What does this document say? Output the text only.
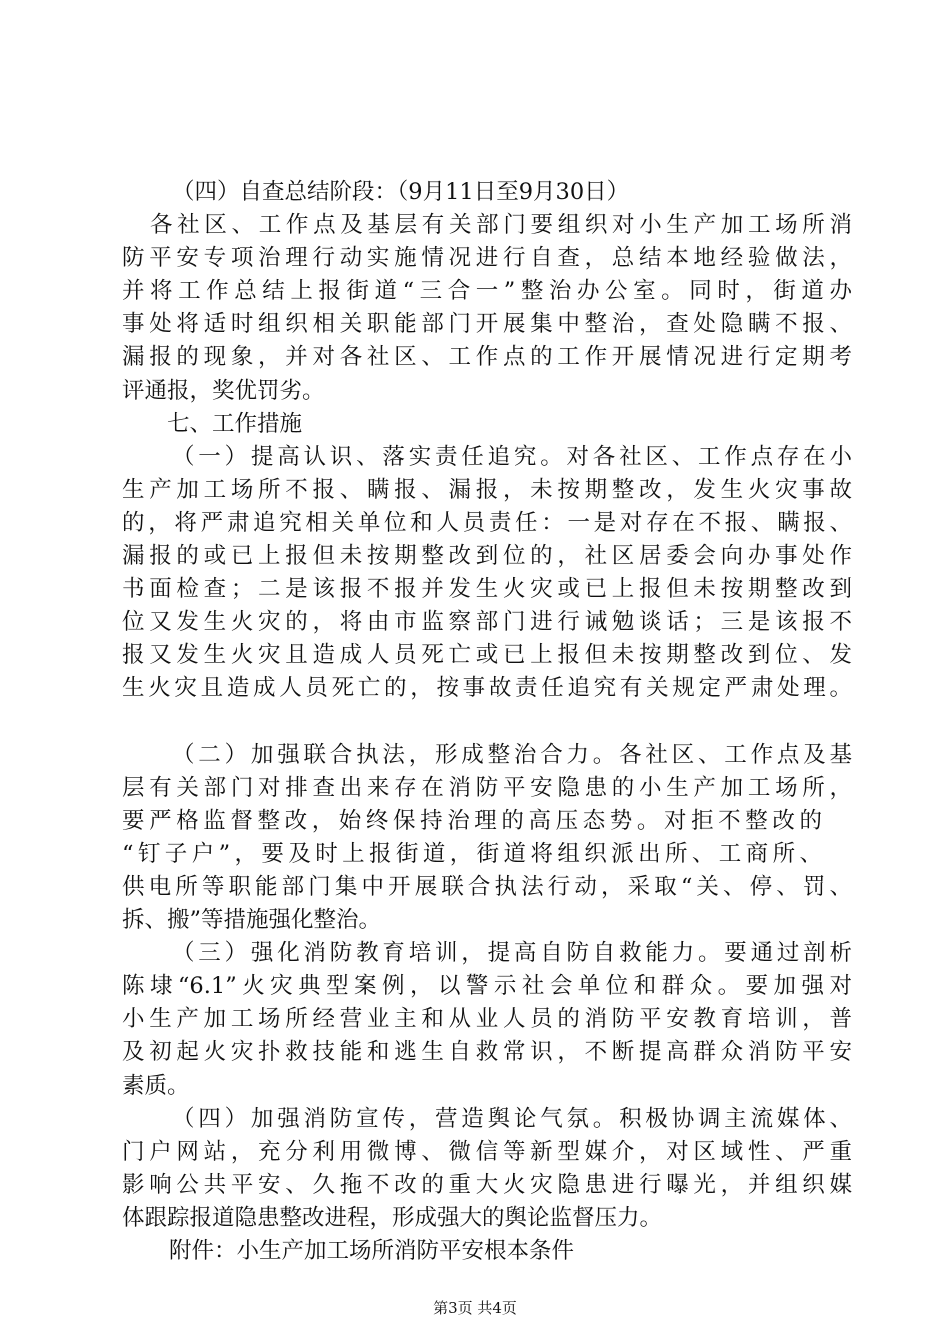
（四）自查总结阶段：（9月11日至9月30日）
各社区、工作点及基层有关部门要组织对小生产加工场所消
防平安专项治理行动实施情况进行自查，总结本地经验做法，
并将工作总结上报街道“三合一”整治办公室。同时，街道办
事处将适时组织相关职能部门开展集中整治，查处隐瞒不报、
漏报的现象，并对各社区、工作点的工作开展情况进行定期考
评通报，奖优罚劣。
七、工作措施
（一）提高认识、落实责任追究。对各社区、工作点存在小
生产加工场所不报、瞒报、漏报，未按期整改，发生火灾事故
的，将严肃追究相关单位和人员责任：一是对存在不报、瞒报、
漏报的或已上报但未按期整改到位的，社区居委会向办事处作
书面检查；二是该报不报并发生火灾或已上报但未按期整改到
位又发生火灾的，将由市监察部门进行诫勉谈话；三是该报不
报又发生火灾且造成人员死亡或已上报但未按期整改到位、发
生火灾且造成人员死亡的，按事故责任追究有关规定严肃处理。
（二）加强联合执法，形成整治合力。各社区、工作点及基
层有关部门对排查出来存在消防平安隐患的小生产加工场所，
要严格监督整改，始终保持治理的高压态势。对拒不整改的
“钉子户”，要及时上报街道，街道将组织派出所、工商所、
供电所等职能部门集中开展联合执法行动，采取“关、停、罚、
拆、搬”等措施强化整治。
（三）强化消防教育培训，提高自防自救能力。要通过剖析
陈埭“6.1”火灾典型案例，以警示社会单位和群众。要加强对
小生产加工场所经营业主和从业人员的消防平安教育培训，普
及初起火灾扑救技能和逃生自救常识，不断提高群众消防平安
素质。
（四）加强消防宣传，营造舆论气氛。积极协调主流媒体、
门户网站，充分利用微博、微信等新型媒介，对区域性、严重
影响公共平安、久拖不改的重大火灾隐患进行曝光，并组织媒
体跟踪报道隐患整改进程，形成强大的舆论监督压力。
附件：小生产加工场所消防平安根本条件
第3页 共4页
